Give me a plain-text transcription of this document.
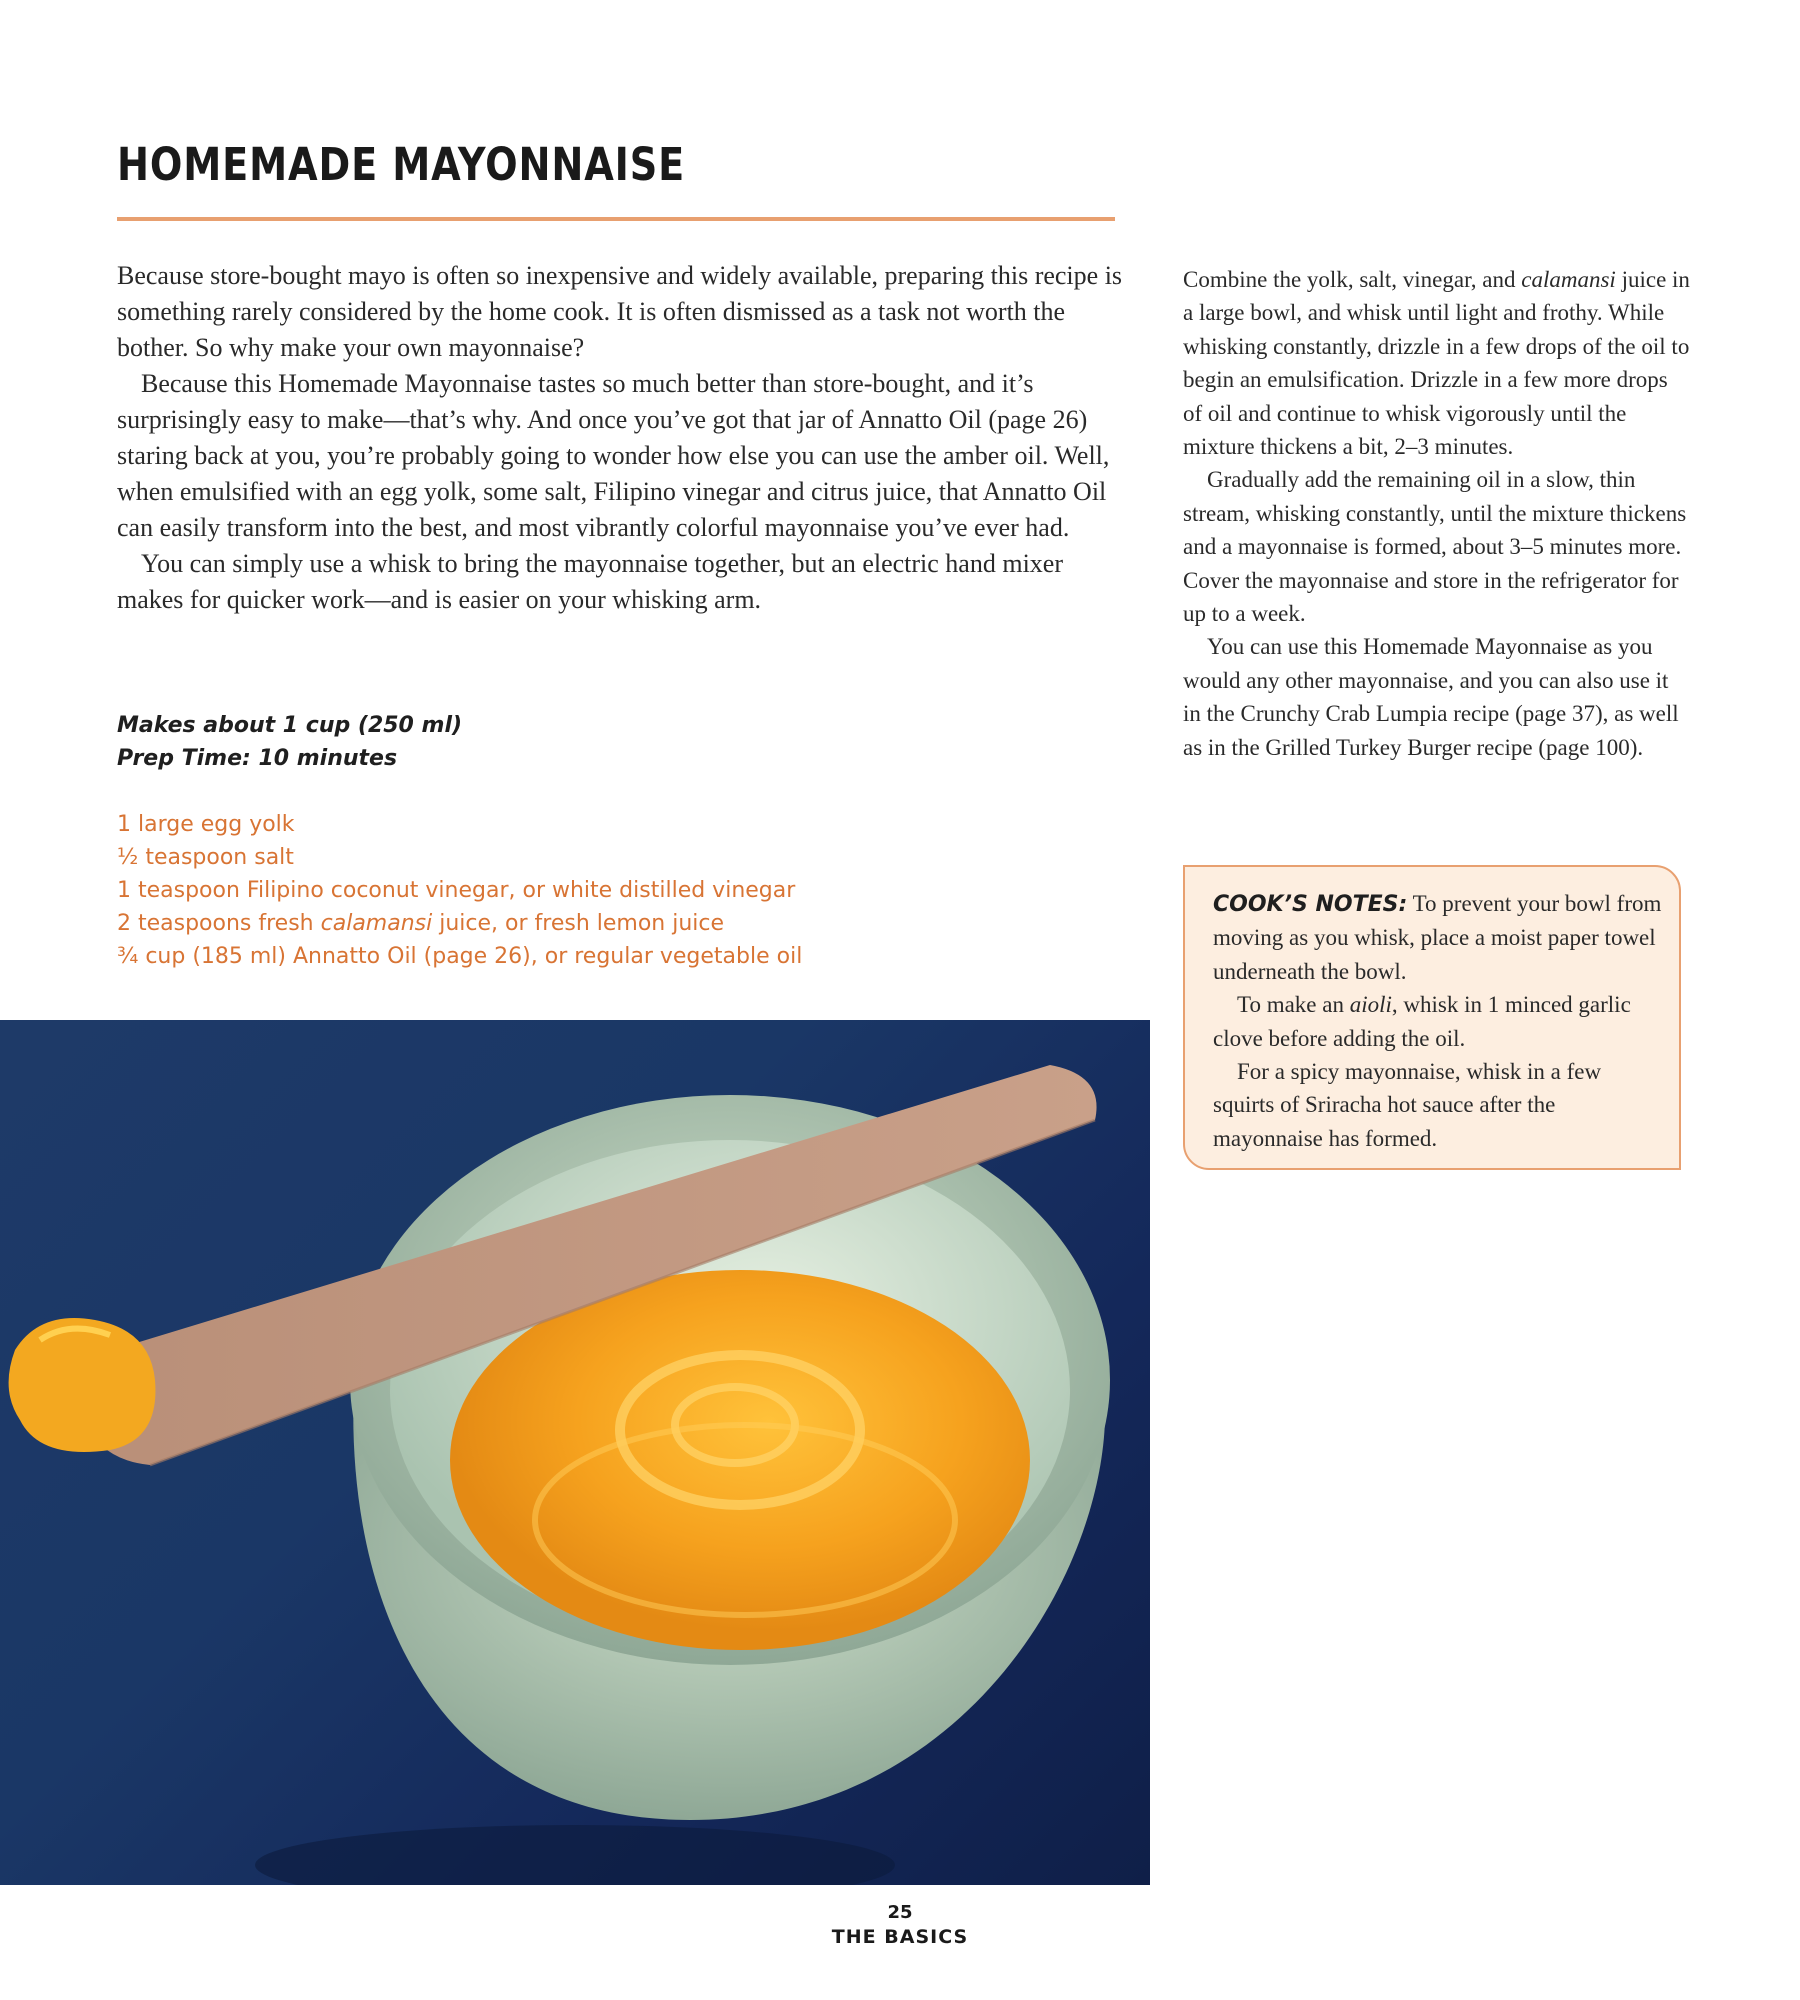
HOMEMADE MAYONNAISE

Because store-bought mayo is often so inexpensive and widely available, preparing this recipe is something rarely considered by the home cook. It is often dismissed as a task not worth the bother. So why make your own mayonnaise?

Because this Homemade Mayonnaise tastes so much better than store-bought, and it’s surprisingly easy to make—that’s why. And once you’ve got that jar of Annatto Oil (page 26) staring back at you, you’re probably going to wonder how else you can use the amber oil. Well, when emulsified with an egg yolk, some salt, Filipino vinegar and citrus juice, that Annatto Oil can easily transform into the best, and most vibrantly colorful mayonnaise you’ve ever had.

You can simply use a whisk to bring the mayonnaise together, but an electric hand mixer makes for quicker work—and is easier on your whisking arm.

Makes about 1 cup (250 ml)
Prep Time: 10 minutes
1 large egg yolk
½ teaspoon salt
1 teaspoon Filipino coconut vinegar, or white distilled vinegar
2 teaspoons fresh calamansi juice, or fresh lemon juice
¾ cup (185 ml) Annatto Oil (page 26), or regular vegetable oil

Combine the yolk, salt, vinegar, and calamansi juice in a large bowl, and whisk until light and frothy. While whisking constantly, drizzle in a few drops of the oil to begin an emulsification. Drizzle in a few more drops of oil and continue to whisk vigorously until the mixture thickens a bit, 2–3 minutes.

Gradually add the remaining oil in a slow, thin stream, whisking constantly, until the mixture thickens and a mayonnaise is formed, about 3–5 minutes more. Cover the mayonnaise and store in the refrigerator for up to a week.

You can use this Homemade Mayonnaise as you would any other mayonnaise, and you can also use it in the Crunchy Crab Lumpia recipe (page 37), as well as in the Grilled Turkey Burger recipe (page 100).

COOK’S NOTES: To prevent your bowl from moving as you whisk, place a moist paper towel underneath the bowl.

To make an aioli, whisk in 1 minced garlic clove before adding the oil.

For a spicy mayonnaise, whisk in a few squirts of Sriracha hot sauce after the mayonnaise has formed.

25
THE BASICS
